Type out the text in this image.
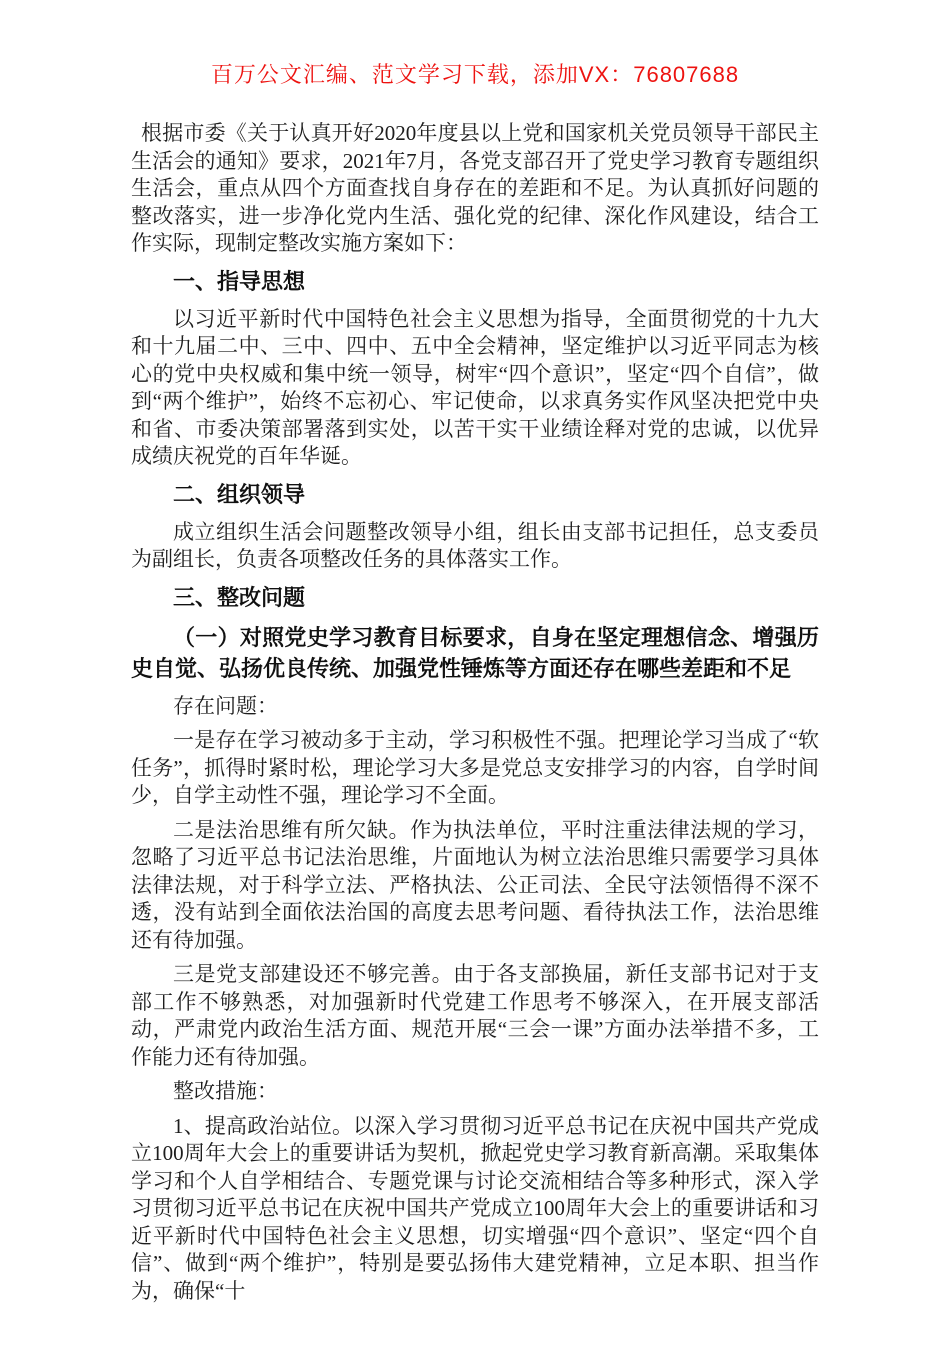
百万公文汇编、范文学习下载，添加VX：76807688

根据市委《关于认真开好2020年度县以上党和国家机关党员领导干部民主生活会的通知》要求，2021年7月，各党支部召开了党史学习教育专题组织生活会，重点从四个方面查找自身存在的差距和不足。为认真抓好问题的整改落实，进一步净化党内生活、强化党的纪律、深化作风建设，结合工作实际，现制定整改实施方案如下：

一、指导思想

以习近平新时代中国特色社会主义思想为指导，全面贯彻党的十九大和十九届二中、三中、四中、五中全会精神，坚定维护以习近平同志为核心的党中央权威和集中统一领导，树牢“四个意识”，坚定“四个自信”，做到“两个维护”，始终不忘初心、牢记使命，以求真务实作风坚决把党中央和省、市委决策部署落到实处，以苦干实干业绩诠释对党的忠诚，以优异成绩庆祝党的百年华诞。

二、组织领导

成立组织生活会问题整改领导小组，组长由支部书记担任，总支委员为副组长，负责各项整改任务的具体落实工作。

三、整改问题
（一）对照党史学习教育目标要求，自身在坚定理想信念、增强历史自觉、弘扬优良传统、加强党性锤炼等方面还存在哪些差距和不足

存在问题：

一是存在学习被动多于主动，学习积极性不强。把理论学习当成了“软任务”，抓得时紧时松，理论学习大多是党总支安排学习的内容，自学时间少，自学主动性不强，理论学习不全面。

二是法治思维有所欠缺。作为执法单位，平时注重法律法规的学习，忽略了习近平总书记法治思维，片面地认为树立法治思维只需要学习具体法律法规，对于科学立法、严格执法、公正司法、全民守法领悟得不深不透，没有站到全面依法治国的高度去思考问题、看待执法工作，法治思维还有待加强。

三是党支部建设还不够完善。由于各支部换届，新任支部书记对于支部工作不够熟悉，对加强新时代党建工作思考不够深入，在开展支部活动，严肃党内政治生活方面、规范开展“三会一课”方面办法举措不多，工作能力还有待加强。

整改措施：

1、提高政治站位。以深入学习贯彻习近平总书记在庆祝中国共产党成立100周年大会上的重要讲话为契机，掀起党史学习教育新高潮。采取集体学习和个人自学相结合、专题党课与讨论交流相结合等多种形式，深入学习贯彻习近平总书记在庆祝中国共产党成立100周年大会上的重要讲话和习近平新时代中国特色社会主义思想，切实增强“四个意识”、坚定“四个自信”、做到“两个维护”，特别是要弘扬伟大建党精神，立足本职、担当作为，确保“十
